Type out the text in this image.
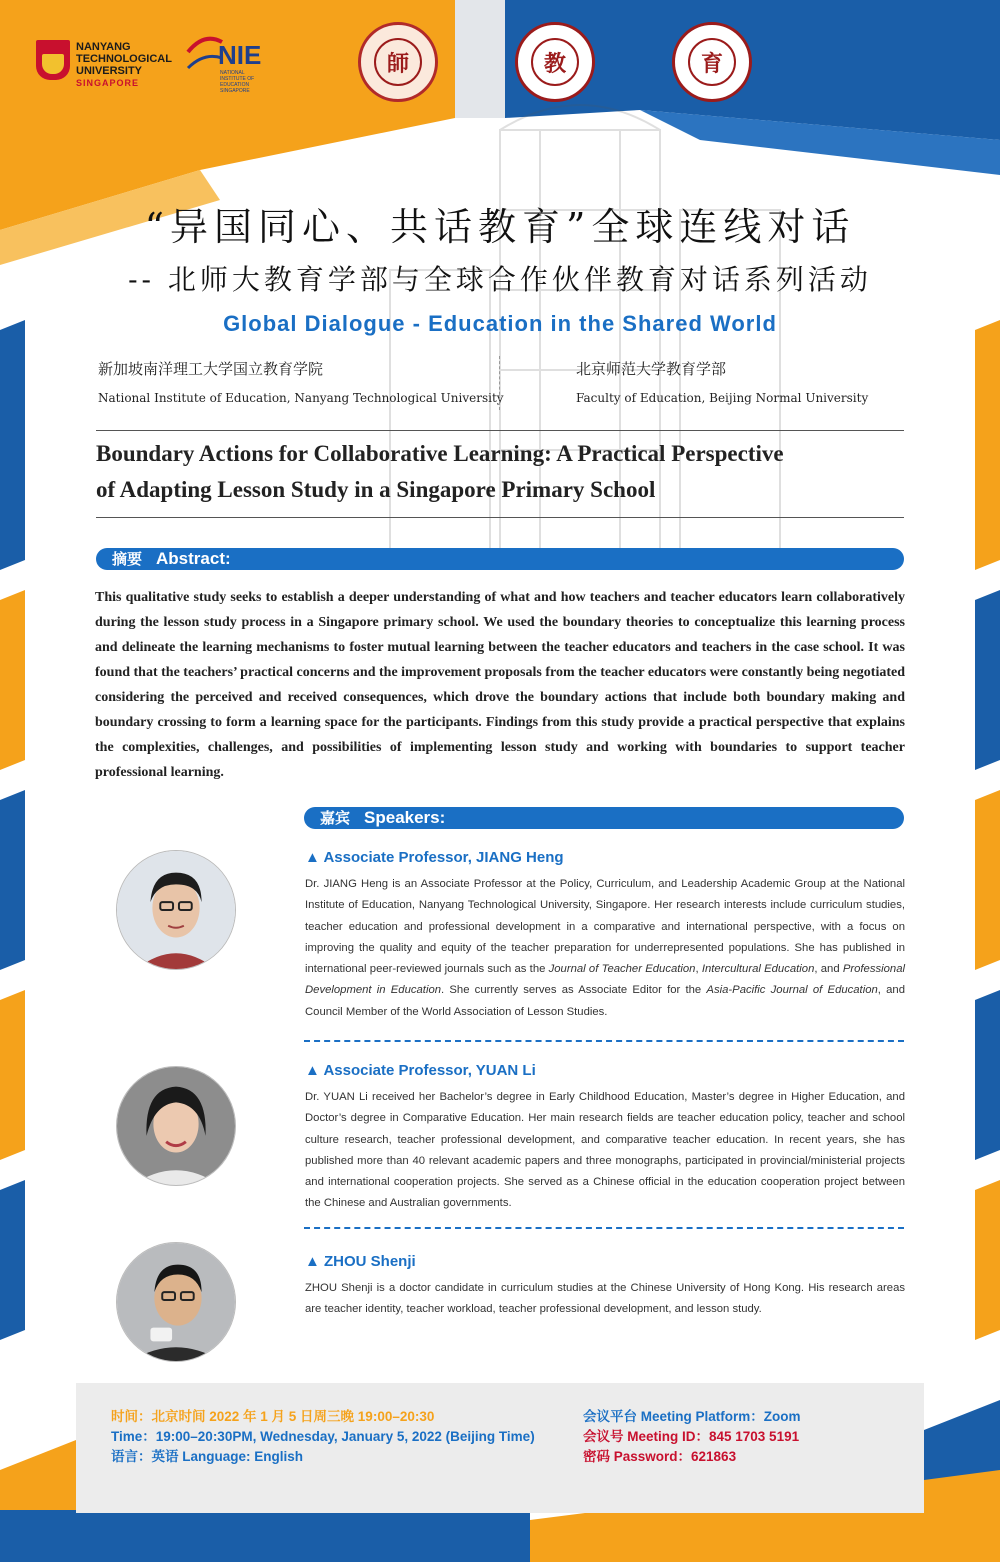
NANYANG
TECHNOLOGICAL
UNIVERSITY
SINGAPORE
NIE
NATIONAL
INSTITUTE OF
EDUCATION
SINGAPORE
師	教	育
“异国同心、共话教育”全球连线对话
-- 北师大教育学部与全球合作伙伴教育对话系列活动
Global Dialogue - Education in the Shared World
新加坡南洋理工大学国立教育学院
National Institute of Education, Nanyang Technological University
北京师范大学教育学部
Faculty of Education, Beijing Normal University
Boundary Actions for Collaborative Learning: A Practical Perspective
of Adapting Lesson Study in a Singapore Primary School
摘要 Abstract:
This qualitative study seeks to establish a deeper understanding of what and how teachers and teacher educators learn collaboratively during the lesson study process in a Singapore primary school. We used the boundary theories to conceptualize this learning process and delineate the learning mechanisms to foster mutual learning between the teacher educators and teachers in the case school. It was found that the teachers’ practical concerns and the improvement proposals from the teacher educators were constantly being negotiated considering the perceived and received consequences, which drove the boundary actions that include both boundary making and boundary crossing to form a learning space for the participants. Findings from this study provide a practical perspective that explains the complexities, challenges, and possibilities of implementing lesson study and working with boundaries to support teacher professional learning.
嘉宾 Speakers:
▲ Associate Professor, JIANG Heng
Dr. JIANG Heng is an Associate Professor at the Policy, Curriculum, and Leadership Academic Group at the National Institute of Education, Nanyang Technological University, Singapore. Her research interests include curriculum studies, teacher education and professional development in a comparative and international perspective, with a focus on improving the quality and equity of the teacher preparation for underrepresented populations. She has published in international peer-reviewed journals such as the Journal of Teacher Education, Intercultural Education, and Professional Development in Education. She currently serves as Associate Editor for the Asia-Pacific Journal of Education, and Council Member of the World Association of Lesson Studies.
▲ Associate Professor, YUAN Li
Dr. YUAN Li received her Bachelor’s degree in Early Childhood Education, Master’s degree in Higher Education, and Doctor’s degree in Comparative Education. Her main research fields are teacher education policy, teacher and school culture research, teacher professional development, and comparative teacher education. In recent years, she has published more than 40 relevant academic papers and three monographs, participated in provincial/ministerial projects and international cooperation projects. She served as a Chinese official in the education cooperation project between the Chinese and Australian governments.
▲ ZHOU Shenji
ZHOU Shenji is a doctor candidate in curriculum studies at the Chinese University of Hong Kong. His research areas are teacher identity, teacher workload, teacher professional development, and lesson study.
时间：北京时间 2022 年 1 月 5 日周三晚 19:00–20:30
Time：19:00–20:30PM, Wednesday, January 5, 2022 (Beijing Time)
语言：英语 Language: English
会议平台 Meeting Platform：Zoom
会议号 Meeting ID：845 1703 5191
密码 Password：621863
